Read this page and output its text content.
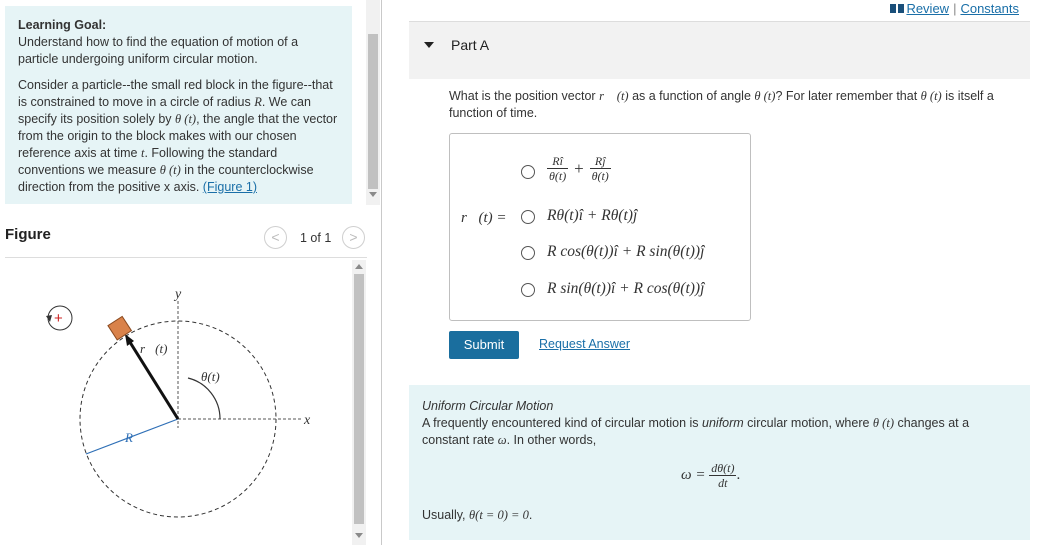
Learning Goal:

Understand how to find the equation of motion of a particle undergoing uniform circular motion.

Consider a particle--the small red block in the figure--that is constrained to move in a circle of radius R. We can specify its position solely by θ (t), the angle that the vector from the origin to the block makes with our chosen reference axis at time t. Following the standard conventions we measure θ (t) in the counterclockwise direction from the positive x axis. (Figure 1)

Figure	<	1 of 1	>
y
x
θ(t)
R
r⃗(t)
+
Review | Constants
Part A
What is the position vector r⃗ (t) as a function of angle θ (t)? For later remember that θ (t) is itself a function of time.
r⃗(t) =
$\frac{Rî}{\theta(t)} + \frac{Rĵ}{\theta(t)}$
Rθ(t)î + Rθ(t)ĵ
R cos(θ(t))î + R sin(θ(t))ĵ
R sin(θ(t))î + R cos(θ(t))ĵ
Submit	Request Answer
Uniform Circular Motion
A frequently encountered kind of circular motion is uniform circular motion, where θ (t) changes at a constant rate ω. In other words,
$\omega = \frac{d\theta(t)}{dt}$ .
Usually, θ(t = 0) = 0.
